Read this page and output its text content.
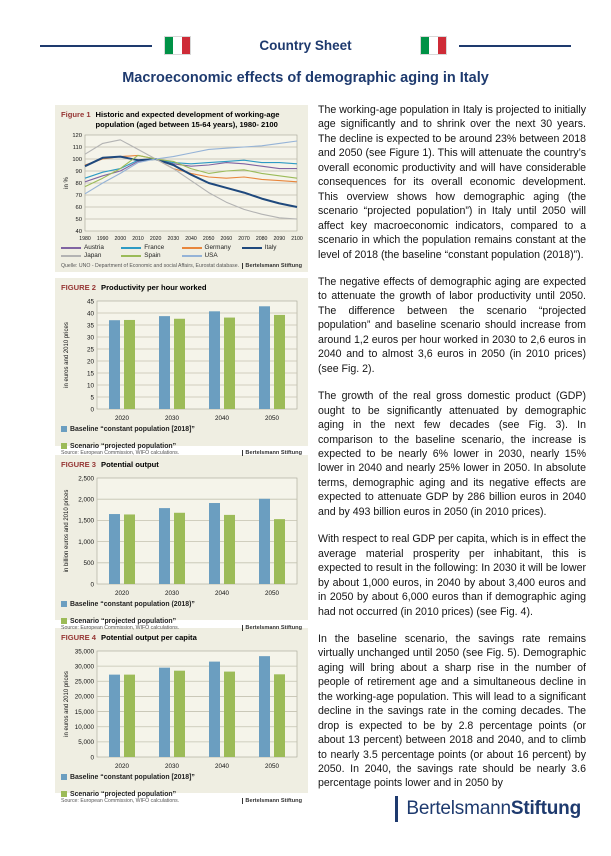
Country Sheet
Macroeconomic effects of demographic aging in Italy
Figure 1 Historic and expected development of working-age population (aged between 15-64 years), 1980- 2100
40
50
60
70
80
90
100
110
120
1980 1990 2000 2010 2020 2030 2040 2050 2060 2070 2080 2090 2100
in %
Austria	France	Germany	Italy
Japan	Spain	USA
Quelle: UNO - Department of Economic and social Affairs, Eurostat database.	Bertelsmann Stiftung
FIGURE 2 Productivity per hour worked
0
5
10
15
20
25
30
35
40
45
2020	2030	2040	2050
in euros and 2010 prices
Baseline “constant population [2018]”
Scenario “projected population”
Source: European Commission, WIFO calculations.	Bertelsmann Stiftung
FIGURE 3 Potential output
0
500
1,000
1,500
2,000
2,500
2020	2030	2040	2050
in billion euros and 2010 prices
Baseline “constant population (2018)”
Scenario “projected population”
Source: European Commission, WIFO calculations.	Bertelsmann Stiftung
FIGURE 4 Potential output per capita
0
5,000
10,000
15,000
20,000
25,000
30,000
35,000
2020	2030	2040	2050
in euros and 2010 prices
Baseline “constant population [2018]”
Scenario “projected population”
Source: European Commission, WIFO calculations.	Bertelsmann Stiftung

The working-age population in Italy is projected to initially age significantly and to shrink over the next 30 years. The decline is expected to be around 23% between 2018 and 2050 (see Figure 1). This will attenuate the country’s overall economic productivity and will have considerable consequences for its overall economic development. This overview shows how demographic aging (the scenario “projected population”) in Italy until 2050 will affect key macroeconomic indicators, compared to a scenario in which the population remains constant at the level of 2018 (the baseline “constant population (2018)”).

The negative effects of demographic aging are expected to attenuate the growth of labor productivity until 2050. The difference between the scenario “projected population” and baseline scenario should increase from around 1,2 euros per hour worked in 2030 to 2,6 euros in 2040 and to almost 3,6 euros in 2050 (in 2010 prices) (see Fig. 2).

The growth of the real gross domestic product (GDP) ought to be significantly attenuated by demographic aging in the next few decades (see Fig. 3). In comparison to the baseline scenario, the increase is expected to be nearly 6% lower in 2030, nearly 15% lower in 2040 and nearly 25% lower in 2050. In absolute terms, demographic aging and its negative effects are expected to attenuate GDP by 286 billion euros in 2040 and by 493 billion euros in 2050 (in 2010 prices).

With respect to real GDP per capita, which is in effect the average material prosperity per inhabitant, this is expected to result in the following: In 2030 it will be lower by about 1,000 euros, in 2040 by about 3,400 euros and in 2050 by about 6,000 euros than if demographic aging had not occurred (in 2010 prices) (see Fig. 4).

In the baseline scenario, the savings rate remains virtually unchanged until 2050 (see Fig. 5). Demographic aging will bring about a sharp rise in the number of people of retirement age and a simultaneous decline in the working-age population. This will lead to a significant decline in the savings rate in the coming decades. The drop is expected to be by 2.8 percentage points (or about 13 percent) between 2018 and 2040, and to climb to nearly 3.5 percentage points (or about 16 percent) by 2050. In 2040, the savings rate should be nearly 3.6 percentage points lower and in 2050 by

BertelsmannStiftung
